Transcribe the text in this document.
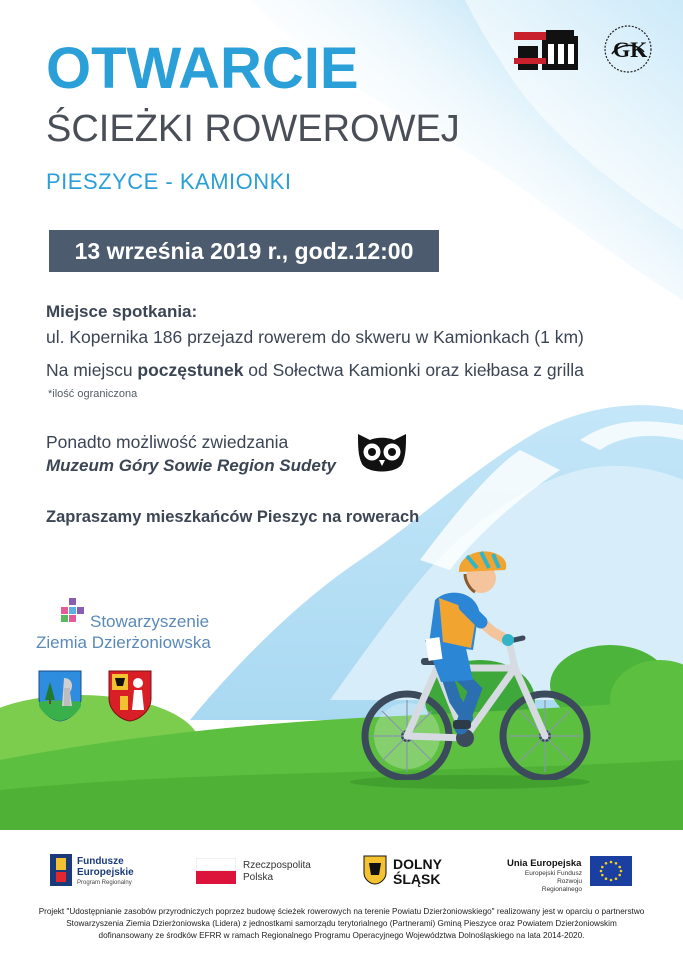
GK
OTWARCIE
ŚCIEŻKI ROWEROWEJ
PIESZYCE - KAMIONKI
13 września 2019 r., godz.12:00
Miejsce spotkania:
ul. Kopernika 186 przejazd rowerem do skweru w Kamionkach (1 km)
Na miejscu poczęstunek od Sołectwa Kamionki oraz kiełbasa z grilla
*ilość ograniczona
Ponadto możliwość zwiedzania
Muzeum Góry Sowie Region Sudety
Zapraszamy mieszkańców Pieszyc na rowerach
Stowarzyszenie
Ziemia Dzierżoniowska
Fundusze
Europejskie
Program Regionalny
Rzeczpospolita
Polska
DOLNY
ŚLĄSK
Unia Europejska
Europejski Fundusz
Rozwoju Regionalnego
Projekt "Udostępnianie zasobów przyrodniczych poprzez budowę ścieżek rowerowych na terenie Powiatu Dzierżoniowskiego" realizowany jest w oparciu o partnerstwo
Stowarzyszenia Ziemia Dzierżoniowska (Lidera) z jednostkami samorządu terytorialnego (Partnerami) Gminą Pieszyce oraz Powiatem Dzierżoniowskim
dofinansowany ze środków EFRR w ramach Regionalnego Programu Operacyjnego Województwa Dolnośląskiego na lata 2014-2020.
